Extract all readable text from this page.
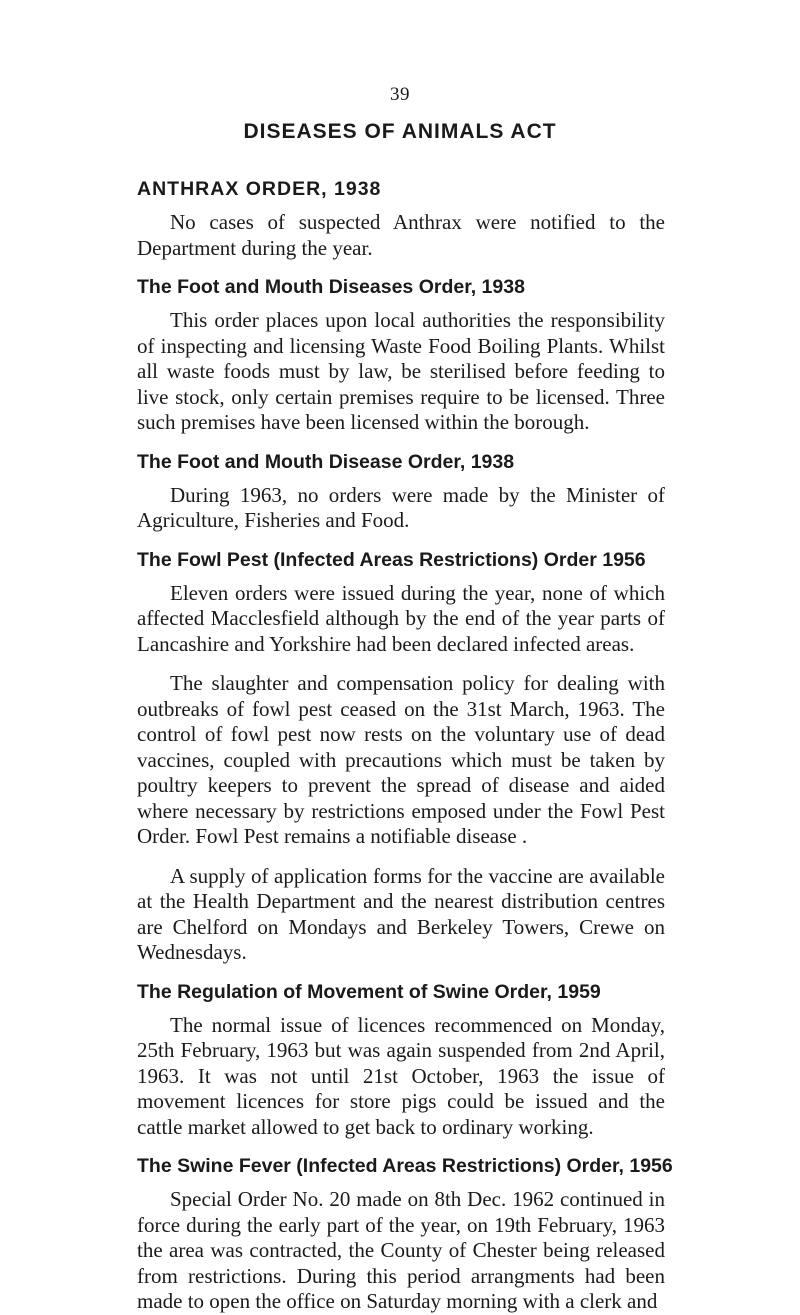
39
DISEASES OF ANIMALS ACT
ANTHRAX ORDER, 1938

No cases of suspected Anthrax were notified to the Department during the year.

The Foot and Mouth Diseases Order, 1938

This order places upon local authorities the responsibility of inspecting and licensing Waste Food Boiling Plants. Whilst all waste foods must by law, be sterilised before feeding to live stock, only certain premises require to be licensed. Three such premises have been licensed within the borough.

The Foot and Mouth Disease Order, 1938

During 1963, no orders were made by the Minister of Agriculture, Fisheries and Food.

The Fowl Pest (Infected Areas Restrictions) Order 1956

Eleven orders were issued during the year, none of which affected Macclesfield although by the end of the year parts of Lancashire and Yorkshire had been declared infected areas.

The slaughter and compensation policy for dealing with outbreaks of fowl pest ceased on the 31st March, 1963. The control of fowl pest now rests on the voluntary use of dead vaccines, coupled with precautions which must be taken by poultry keepers to prevent the spread of disease and aided where necessary by restrictions emposed under the Fowl Pest Order. Fowl Pest remains a notifiable disease .

A supply of application forms for the vaccine are available at the Health Department and the nearest distribution centres are Chelford on Mondays and Berkeley Towers, Crewe on Wednesdays.

The Regulation of Movement of Swine Order, 1959

The normal issue of licences recommenced on Monday, 25th February, 1963 but was again suspended from 2nd April, 1963. It was not until 21st October, 1963 the issue of movement licences for store pigs could be issued and the cattle market allowed to get back to ordinary working.

The Swine Fever (Infected Areas Restrictions) Order, 1956

Special Order No. 20 made on 8th Dec. 1962 continued in force during the early part of the year, on 19th February, 1963 the area was contracted, the County of Chester being released from restrictions. During this period arrangments had been made to open the office on Saturday morning with a clerk and
